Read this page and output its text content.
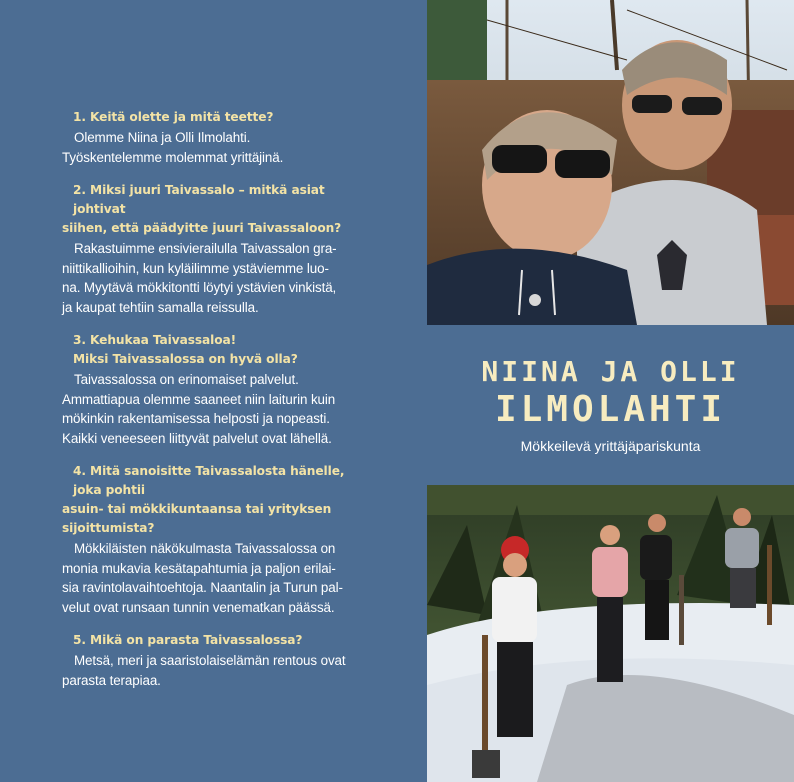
1. Keitä olette ja mitä teette?

Olemme Niina ja Olli Ilmolahti.
Työskentelemme molemmat yrittäjinä.

2. Miksi juuri Taivassalo – mitkä asiat johtivat
siihen, että päädyitte juuri Taivassaloon?

Rakastuimme ensivierailulla Taivassalon gra-
niittikallioihin, kun kyläilimme ystäviemme luo-
na. Myytävä mökkitontti löytyi ystävien vinkistä,
ja kaupat tehtiin samalla reissulla.

3. Kehukaa Taivassaloa!
Miksi Taivassalossa on hyvä olla?

Taivassalossa on erinomaiset palvelut.
Ammattiapua olemme saaneet niin laiturin kuin
mökinkin rakentamisessa helposti ja nopeasti.
Kaikki veneeseen liittyvät palvelut ovat lähellä.

4. Mitä sanoisitte Taivassalosta hänelle, joka pohtii
asuin- tai mökkikuntaansa tai yrityksen sijoittumista?

Mökkiläisten näkökulmasta Taivassalossa on
monia mukavia kesätapahtumia ja paljon erilai-
sia ravintolavaihtoehtoja. Naantalin ja Turun pal-
velut ovat runsaan tunnin venematkan päässä.

5. Mikä on parasta Taivassalossa?

Metsä, meri ja saaristolaiselämän rentous ovat
parasta terapiaa.

NIINA JA OLLI
ILMOLAHTI
Mökkeilevä yrittäjäpariskunta
